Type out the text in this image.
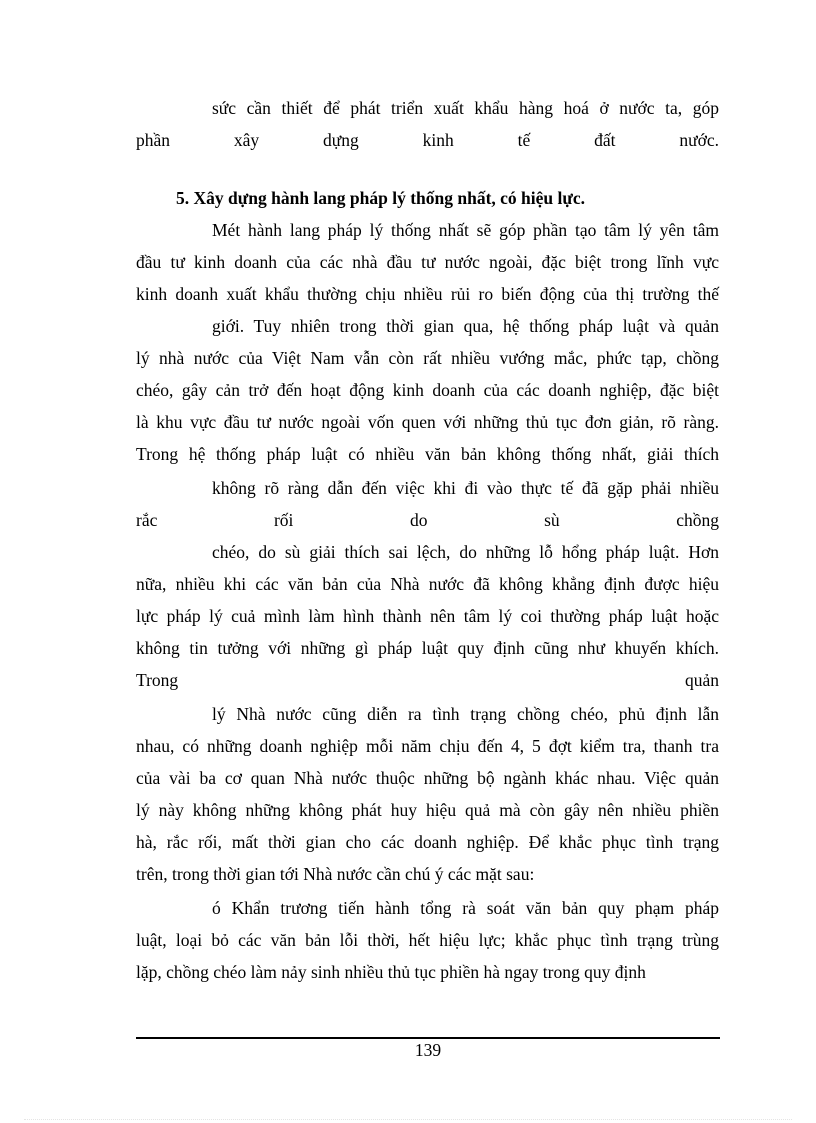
sức cần thiết để phát triển xuất khẩu hàng hoá ở nước ta, góp
phần xây dựng kinh tế đất nước.
5. Xây dựng hành lang pháp lý thống nhất, có hiệu lực.
Mét hành lang pháp lý thống nhất sẽ góp phần tạo tâm lý yên tâm
đầu tư kinh doanh của các nhà đầu tư nước ngoài, đặc biệt trong lĩnh vực
kinh doanh xuất khẩu thường chịu nhiều rủi ro biến động của thị trường thế
giới. Tuy nhiên trong thời gian qua, hệ thống pháp luật và quản
lý nhà nước của Việt Nam vẫn còn rất nhiều vướng mắc, phức tạp, chồng
chéo, gây cản trở đến hoạt động kinh doanh của các doanh nghiệp, đặc biệt
là khu vực đầu tư nước ngoài vốn quen với những thủ tục đơn giản, rõ ràng.
Trong hệ thống pháp luật có nhiều văn bản không thống nhất, giải thích
không rõ ràng dẫn đến việc khi đi vào thực tế đã gặp phải nhiều
rắc rối do sù chồng
chéo, do sù giải thích sai lệch, do những lỗ hổng pháp luật. Hơn
nữa, nhiều khi các văn bản của Nhà nước đã không khẳng định được hiệu
lực pháp lý cuả mình làm hình thành nên tâm lý coi thường pháp luật hoặc
không tin tưởng với những gì pháp luật quy định cũng như khuyến khích.
Trong quản
lý Nhà nước cũng diễn ra tình trạng chồng chéo, phủ định lẫn
nhau, có những doanh nghiệp mỗi năm chịu đến 4, 5 đợt kiểm tra, thanh tra
của vài ba cơ quan Nhà nước thuộc những bộ ngành khác nhau. Việc quản
lý này không những không phát huy hiệu quả mà còn gây nên nhiều phiền
hà, rắc rối, mất thời gian cho các doanh nghiệp. Để khắc phục tình trạng
trên, trong thời gian tới Nhà nước cần chú ý các mặt sau:
ó Khẩn trương tiến hành tổng rà soát văn bản quy phạm pháp
luật, loại bỏ các văn bản lỗi thời, hết hiệu lực; khắc phục tình trạng trùng
lặp, chồng chéo làm nảy sinh nhiều thủ tục phiền hà ngay trong quy định
139
